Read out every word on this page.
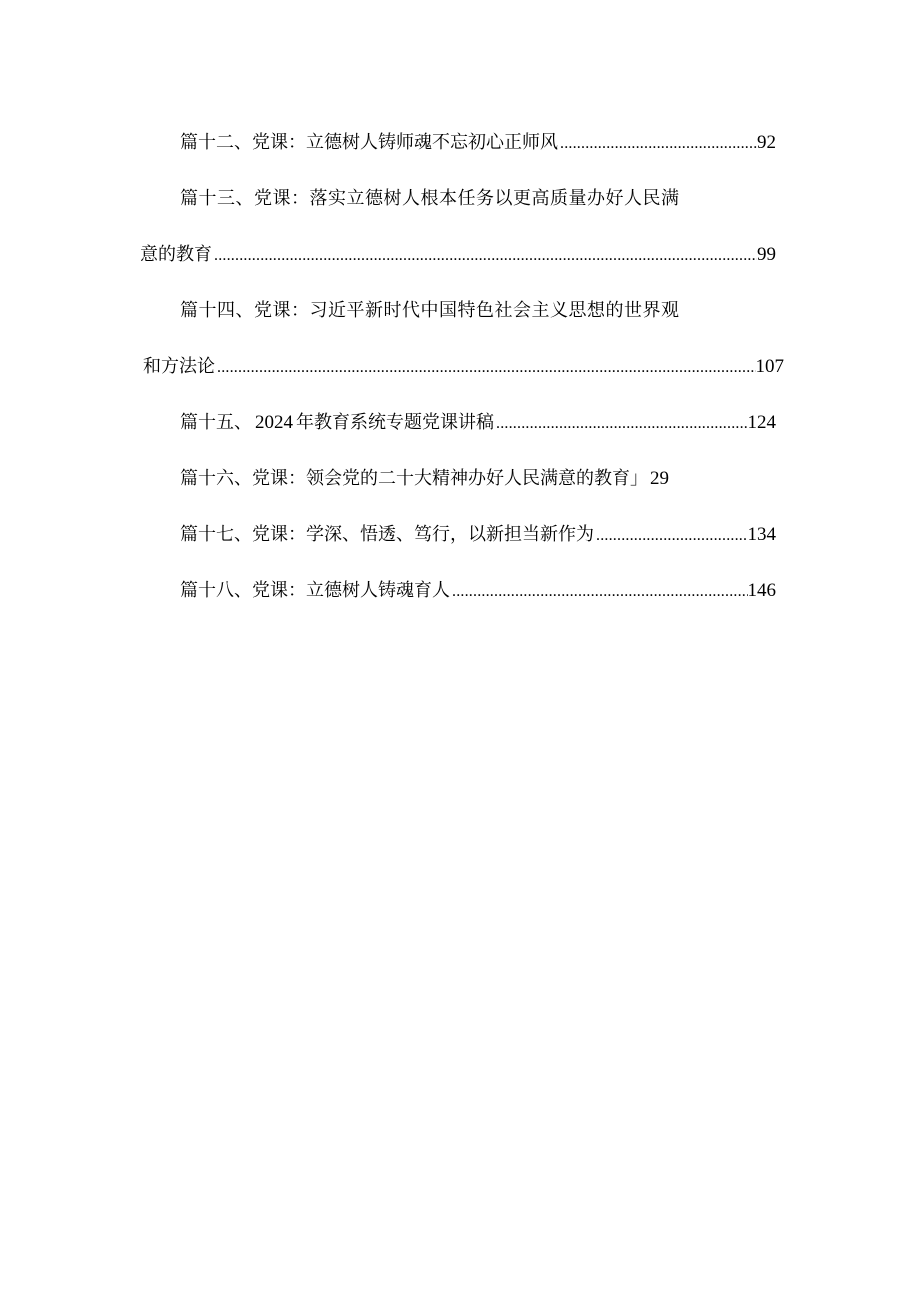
篇十二、党课：立德树人铸师魂不忘初心正师风 .....	92
篇十三、党课：落实立德树人根本任务以更高质量办好人民满
意的教育 .....	99
篇十四、党课：习近平新时代中国特色社会主义思想的世界观
和方法论 .....	107
篇十五、 2024 年教育系统专题党课讲稿 .....	124
篇十六、党课：领会党的二十大精神办好人民满意的教育」 29
篇十七、党课：学深、悟透、笃行，以新担当新作为 .....	134
篇十八、党课：立德树人铸魂育人 .....	146
